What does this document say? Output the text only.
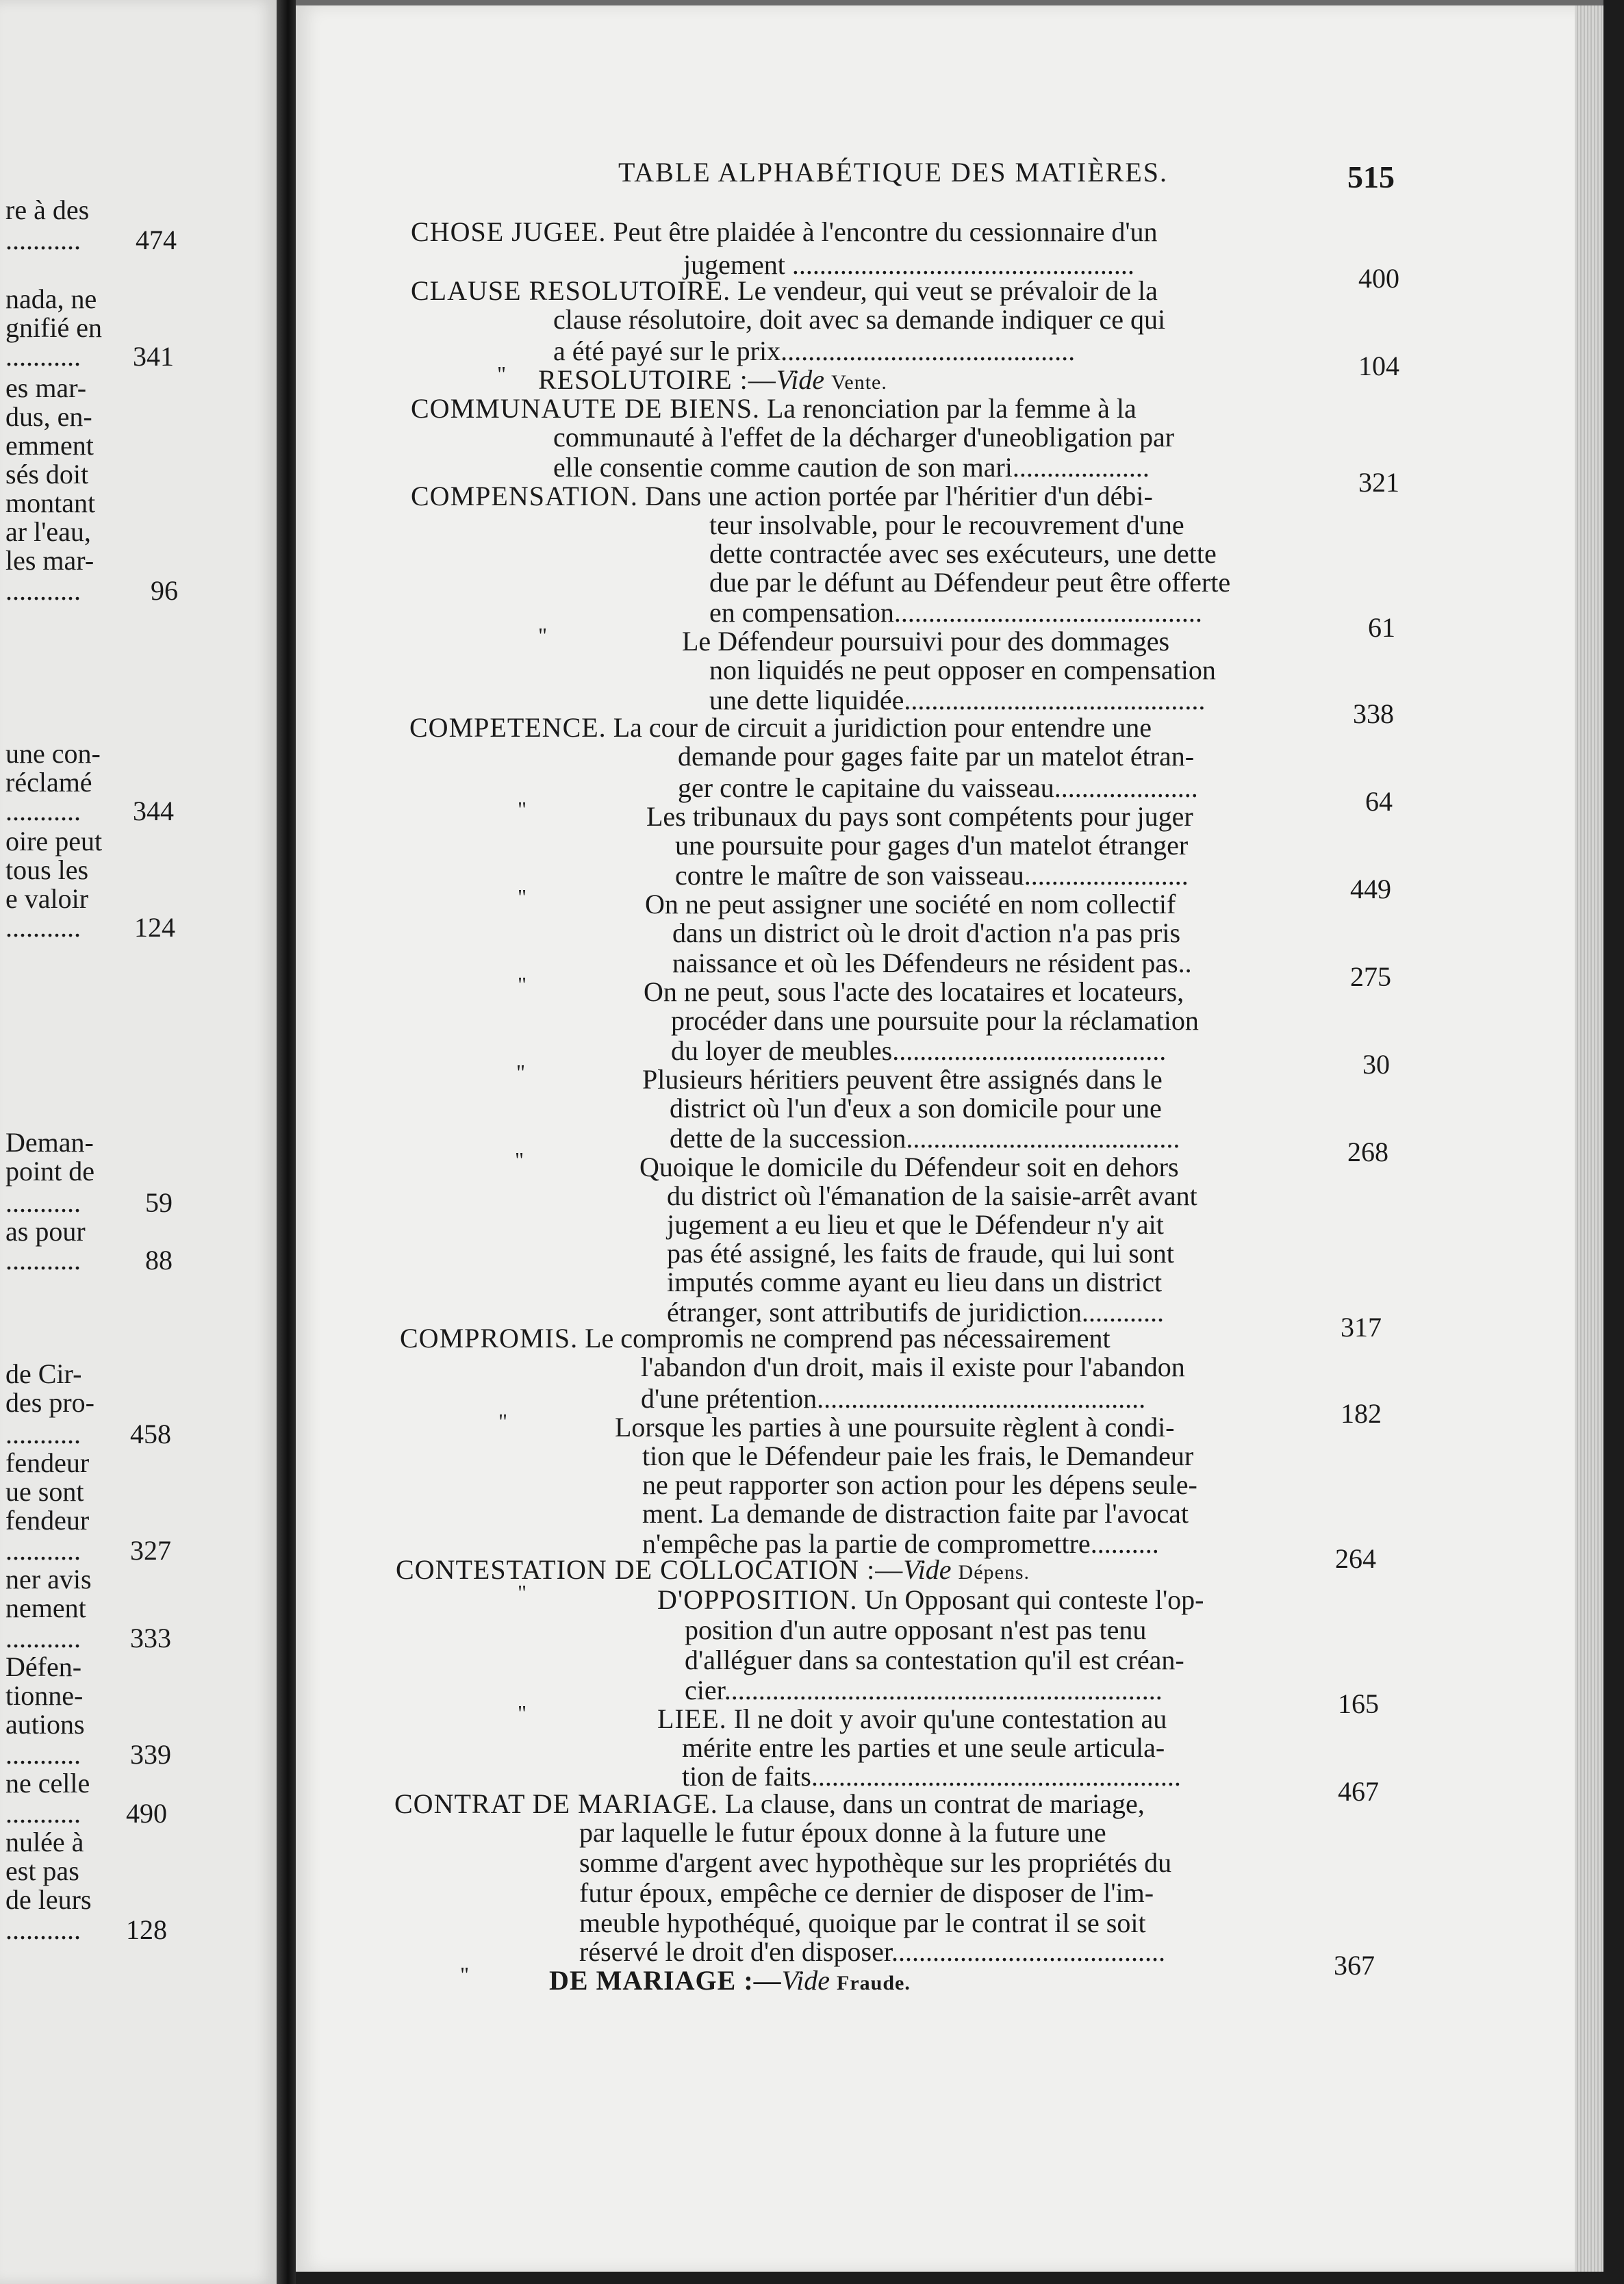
re à des
........... 474
nada, ne
gnifié en
........... 341
es mar-
dus, en-
emment
sés doit
montant
ar l'eau,
les mar-
...........	96
une con-
réclamé
........... 344
oire peut
tous les
e valoir
........... 124
Deman-
point de
........... 59
as pour
........... 88
de Cir-
des pro-
........... 458
fendeur
ue sont
fendeur
........... 327
ner avis
nement
........... 333
Défen-
tionne-
autions
........... 339
ne celle
........... 490
nulée à
est pas
de leurs
........... 128
TABLE ALPHABÉTIQUE DES MATIÈRES.	515
CHOSE JUGEE. Peut être plaidée à l'encontre du cessionnaire d'un
jugement ..................................................	400
CLAUSE RESOLUTOIRE. Le vendeur, qui veut se prévaloir de la
clause résolutoire, doit avec sa demande indiquer ce qui
a été payé sur le prix...........................................	104
" RESOLUTOIRE :—Vide Vente.
COMMUNAUTE DE BIENS. La renonciation par la femme à la
communauté à l'effet de la décharger d'uneobligation par
elle consentie comme caution de son mari....................	321
COMPENSATION. Dans une action portée par l'héritier d'un débi-
teur insolvable, pour le recouvrement d'une
dette contractée avec ses exécuteurs, une dette
due par le défunt au Défendeur peut être offerte
en compensation.............................................	61
"	Le Défendeur poursuivi pour des dommages
non liquidés ne peut opposer en compensation
une dette liquidée............................................	338
COMPETENCE. La cour de circuit a juridiction pour entendre une
demande pour gages faite par un matelot étran-
ger contre le capitaine du vaisseau.....................	64
"	Les tribunaux du pays sont compétents pour juger
une poursuite pour gages d'un matelot étranger
contre le maître de son vaisseau........................	449
"	On ne peut assigner une société en nom collectif
dans un district où le droit d'action n'a pas pris
naissance et où les Défendeurs ne résident pas..	275
"	On ne peut, sous l'acte des locataires et locateurs,
procéder dans une poursuite pour la réclamation
du loyer de meubles........................................	30
"	Plusieurs héritiers peuvent être assignés dans le
district où l'un d'eux a son domicile pour une
dette de la succession........................................	268
"	Quoique le domicile du Défendeur soit en dehors
du district où l'émanation de la saisie-arrêt avant
jugement a eu lieu et que le Défendeur n'y ait
pas été assigné, les faits de fraude, qui lui sont
imputés comme ayant eu lieu dans un district
étranger, sont attributifs de juridiction............	317
COMPROMIS. Le compromis ne comprend pas nécessairement
l'abandon d'un droit, mais il existe pour l'abandon
d'une prétention................................................	182
"	Lorsque les parties à une poursuite règlent à condi-
tion que le Défendeur paie les frais, le Demandeur
ne peut rapporter son action pour les dépens seule-
ment. La demande de distraction faite par l'avocat
n'empêche pas la partie de compromettre..........	264
CONTESTATION DE COLLOCATION :—Vide Dépens.
"	D'OPPOSITION. Un Opposant qui conteste l'op-
position d'un autre opposant n'est pas tenu
d'alléguer dans sa contestation qu'il est créan-
cier................................................................	165
"	LIEE. Il ne doit y avoir qu'une contestation au
mérite entre les parties et une seule articula-
tion de faits......................................................	467
CONTRAT DE MARIAGE. La clause, dans un contrat de mariage,
par laquelle le futur époux donne à la future une
somme d'argent avec hypothèque sur les propriétés du
futur époux, empêche ce dernier de disposer de l'im-
meuble hypothéqué, quoique par le contrat il se soit
réservé le droit d'en disposer........................................	367
"	DE MARIAGE :—Vide Fraude.
